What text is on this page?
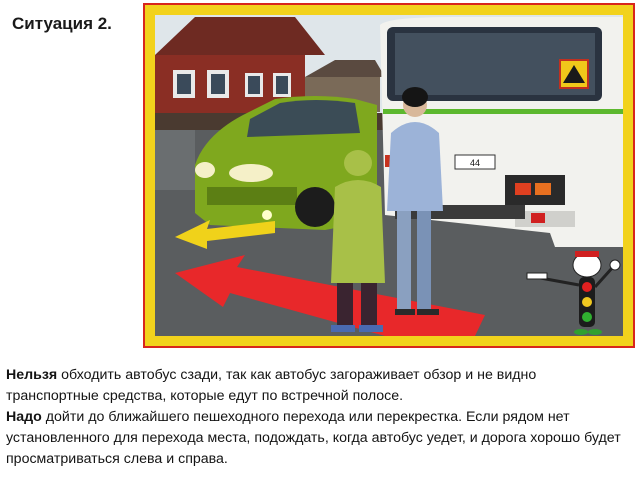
Ситуация 2.
44

Нельзя обходить автобус сзади, так как автобус загораживает обзор и не видно транспортные средства, которые едут по встречной полосе.

Надо дойти до ближайшего пешеходного перехода или перекрестка. Если рядом нет установленного для перехода места, подождать, когда автобус уедет, и дорога хорошо будет просматриваться слева и справа.
